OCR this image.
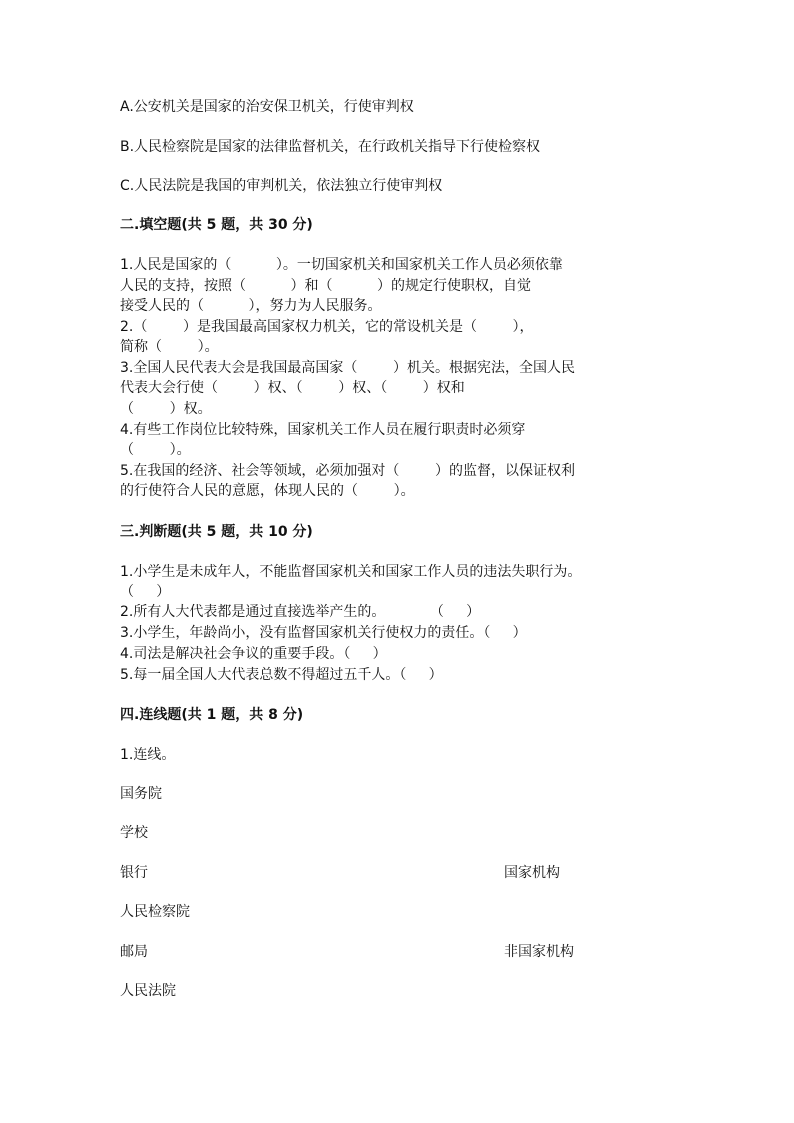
A.公安机关是国家的治安保卫机关，行使审判权
B.人民检察院是国家的法律监督机关，在行政机关指导下行使检察权
C.人民法院是我国的审判机关，依法独立行使审判权
二.填空题(共 5 题，共 30 分)
1.人民是国家的（          ）。一切国家机关和国家机关工作人员必须依靠
人民的支持，按照（          ）和（          ）的规定行使职权，自觉
接受人民的（          ），努力为人民服务。
2.（        ）是我国最高国家权力机关，它的常设机关是（        ），
简称（        ）。
3.全国人民代表大会是我国最高国家（        ）机关。根据宪法，全国人民
代表大会行使（        ）权、（        ）权、（        ）权和
（        ）权。
4.有些工作岗位比较特殊，国家机关工作人员在履行职责时必须穿
（        ）。
5.在我国的经济、社会等领域，必须加强对（        ）的监督，以保证权利
的行使符合人民的意愿，体现人民的（        ）。
三.判断题(共 5 题，共 10 分)
1.小学生是未成年人，不能监督国家机关和国家工作人员的违法失职行为。
（     ）
2.所有人大代表都是通过直接选举产生的。          （     ）
3.小学生，年龄尚小，没有监督国家机关行使权力的责任。（     ）
4.司法是解决社会争议的重要手段。（     ）
5.每一届全国人大代表总数不得超过五千人。（     ）
四.连线题(共 1 题，共 8 分)
1.连线。
国务院
学校
银行
人民检察院
邮局
人民法院
国家机构
非国家机构
